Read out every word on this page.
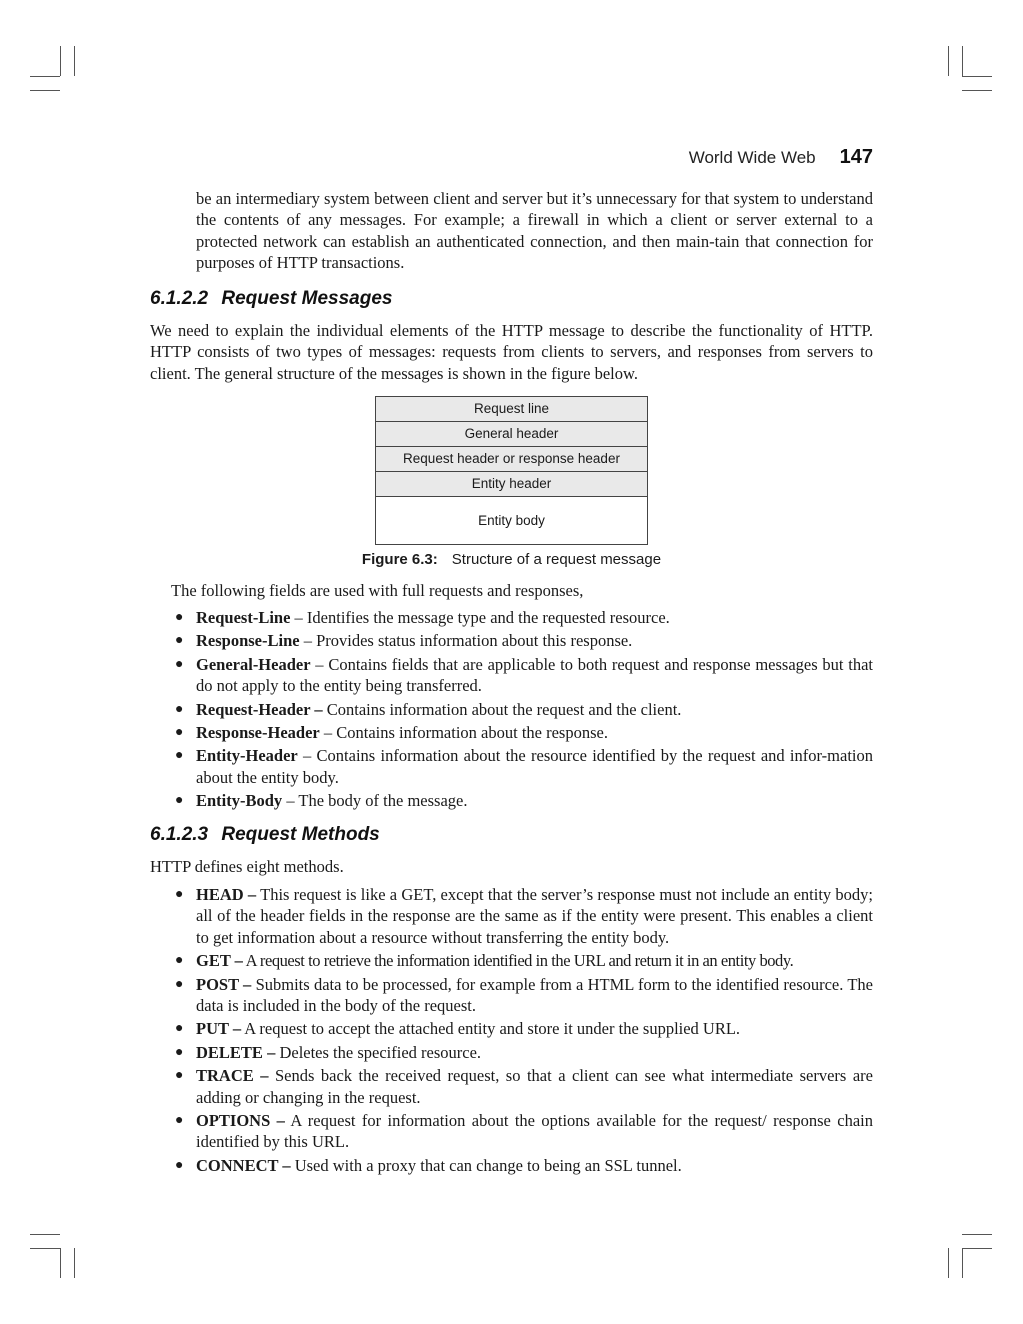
World Wide Web 147

be an intermediary system between client and server but it’s unnecessary for that system to understand the contents of any messages. For example; a firewall in which a client or server external to a protected network can establish an authenticated connection, and then main-tain that connection for purposes of HTTP transactions.

6.1.2.2 Request Messages

We need to explain the individual elements of the HTTP message to describe the functionality of HTTP. HTTP consists of two types of messages: requests from clients to servers, and responses from servers to client. The general structure of the messages is shown in the figure below.

Request line
General header
Request header or response header
Entity header
Entity body
Figure 6.3: Structure of a request message

The following fields are used with full requests and responses,

● Request-Line – Identifies the message type and the requested resource.
● Response-Line – Provides status information about this response.
● General-Header – Contains fields that are applicable to both request and response messages but that do not apply to the entity being transferred.
● Request-Header – Contains information about the request and the client.
● Response-Header – Contains information about the response.
● Entity-Header – Contains information about the resource identified by the request and infor-mation about the entity body.
● Entity-Body – The body of the message.
6.1.2.3 Request Methods

HTTP defines eight methods.

● HEAD – This request is like a GET, except that the server’s response must not include an entity body; all of the header fields in the response are the same as if the entity were present. This enables a client to get information about a resource without transferring the entity body.
● GET – A request to retrieve the information identified in the URL and return it in an entity body.
● POST – Submits data to be processed, for example from a HTML form to the identified resource. The data is included in the body of the request.
● PUT – A request to accept the attached entity and store it under the supplied URL.
● DELETE – Deletes the specified resource.
● TRACE – Sends back the received request, so that a client can see what intermediate servers are adding or changing in the request.
● OPTIONS – A request for information about the options available for the request/ response chain identified by this URL.
● CONNECT – Used with a proxy that can change to being an SSL tunnel.
